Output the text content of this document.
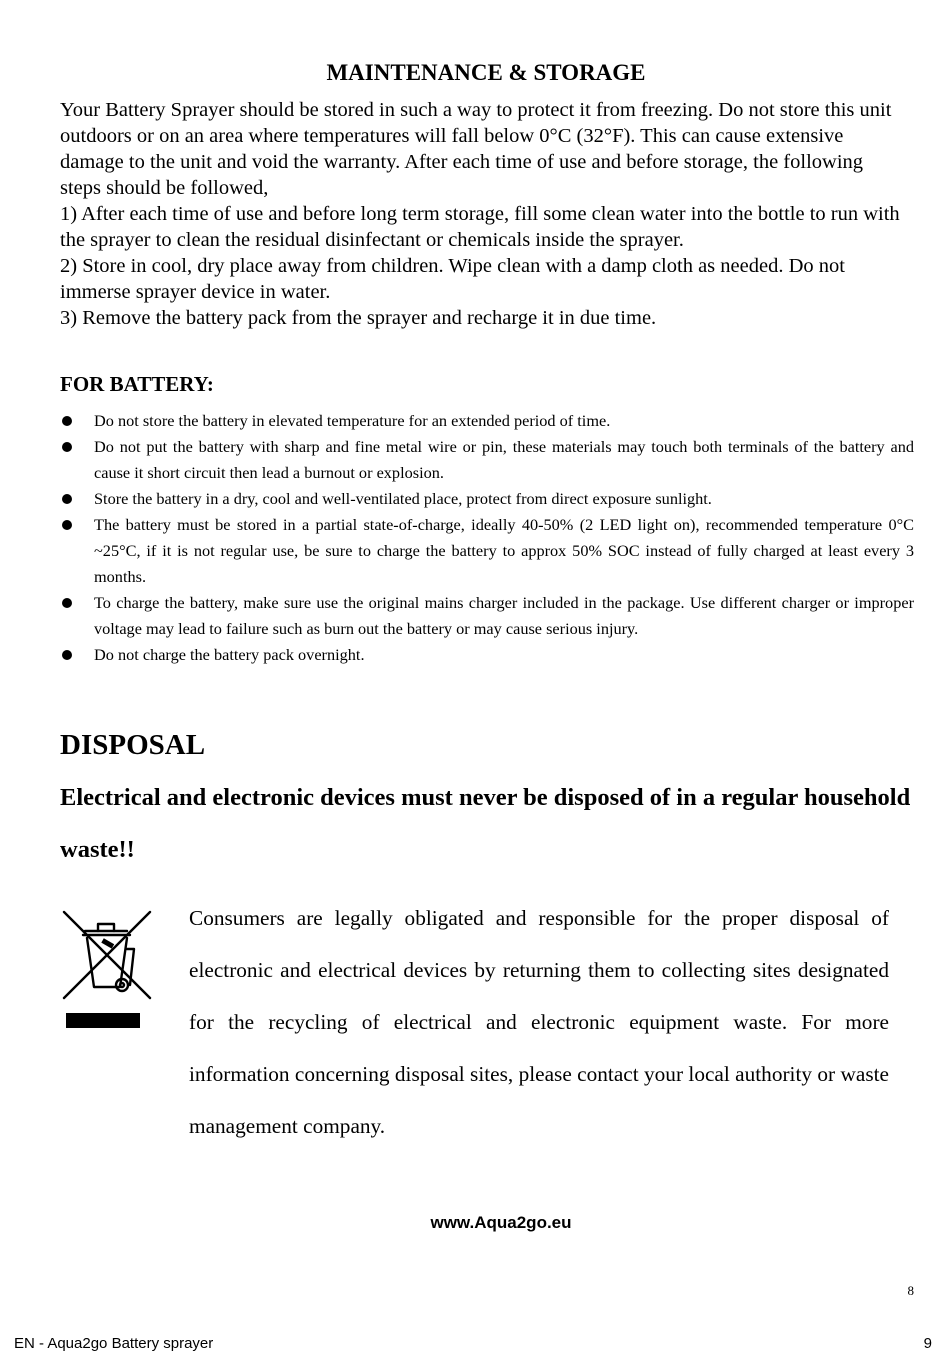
MAINTENANCE & STORAGE

Your Battery Sprayer should be stored in such a way to protect it from freezing. Do not store this unit outdoors or on an area where temperatures will fall below 0°C (32°F). This can cause extensive damage to the unit and void the warranty. After each time of use and before storage, the following steps should be followed,

1) After each time of use and before long term storage, fill some clean water into the bottle to run with the sprayer to clean the residual disinfectant or chemicals inside the sprayer.

2) Store in cool, dry place away from children. Wipe clean with a damp cloth as needed. Do not immerse sprayer device in water.

3) Remove the battery pack from the sprayer and recharge it in due time.

FOR BATTERY:
Do not store the battery in elevated temperature for an extended period of time.
Do not put the battery with sharp and fine metal wire or pin, these materials may touch both terminals of the battery and cause it short circuit then lead a burnout or explosion.
Store the battery in a dry, cool and well-ventilated place, protect from direct exposure sunlight.
The battery must be stored in a partial state-of-charge, ideally 40-50% (2 LED light on), recommended temperature 0°C ~25°C, if it is not regular use, be sure to charge the battery to approx 50% SOC instead of fully charged at least every 3 months.
To charge the battery, make sure use the original mains charger included in the package. Use different charger or improper voltage may lead to failure such as burn out the battery or may cause serious injury.
Do not charge the battery pack overnight.
DISPOSAL
Electrical and electronic devices must never be disposed of in a regular household waste!!
Consumers are legally obligated and responsible for the proper disposal of electronic and electrical devices by returning them to collecting sites designated for the recycling of electrical and electronic equipment waste. For more information concerning disposal sites, please contact your local authority or waste management company.
www.Aqua2go.eu
8
EN - Aqua2go Battery sprayer	9
